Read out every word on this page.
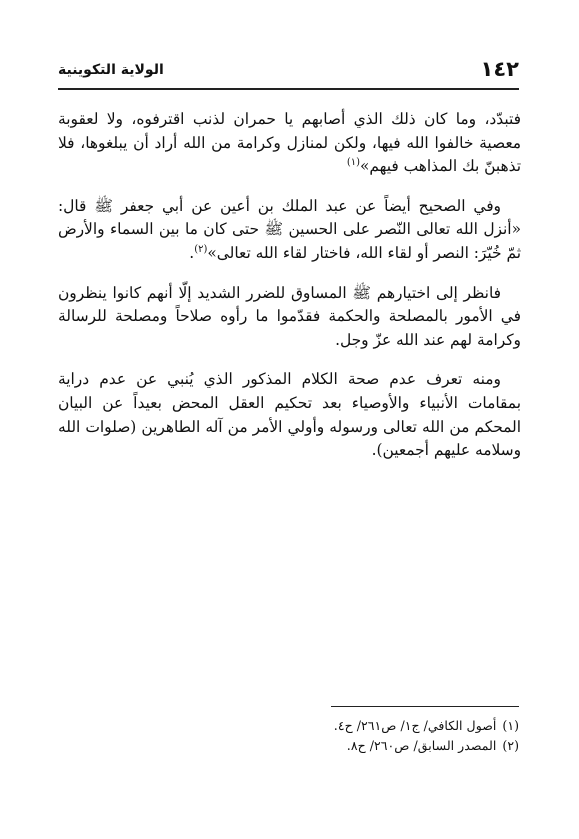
١٤٢
الولاية التكوينية

فتبدّد، وما كان ذلك الذي أصابهم يا حمران لذنب اقترفوه، ولا لعقوبة معصية خالفوا الله فيها، ولكن لمنازل وكرامة من الله أراد أن يبلغوها، فلا تذهبنّ بك المذاهب فيهم»$^{(١)}$

وفي الصحيح أيضاً عن عبد الملك بن أعين عن أبي جعفر ﷺ قال: «أنزل الله تعالى النّصر على الحسين ﷺ حتى كان ما بين السماء والأرض ثمّ خُيّرَ: النصر أو لقاء الله، فاختار لقاء الله تعالى»$^{(٢)}$.

فانظر إلى اختيارهم ﷺ المساوق للضرر الشديد إلّا أنهم كانوا ينظرون في الأمور بالمصلحة والحكمة فقدّموا ما رأوه صلاحاً ومصلحة للرسالة وكرامة لهم عند الله عزّ وجل.

ومنه تعرف عدم صحة الكلام المذكور الذي يُنبي عن عدم دراية بمقامات الأنبياء والأوصياء بعد تحكيم العقل المحض بعيداً عن البيان المحكم من الله تعالى ورسوله وأولي الأمر من آله الطاهرين (صلوات الله وسلامه عليهم أجمعين).

(١)أصول الكافي/ ج١/ ص٢٦١/ ح٤.

(٢)المصدر السابق/ ص٢٦٠/ ح٨.
